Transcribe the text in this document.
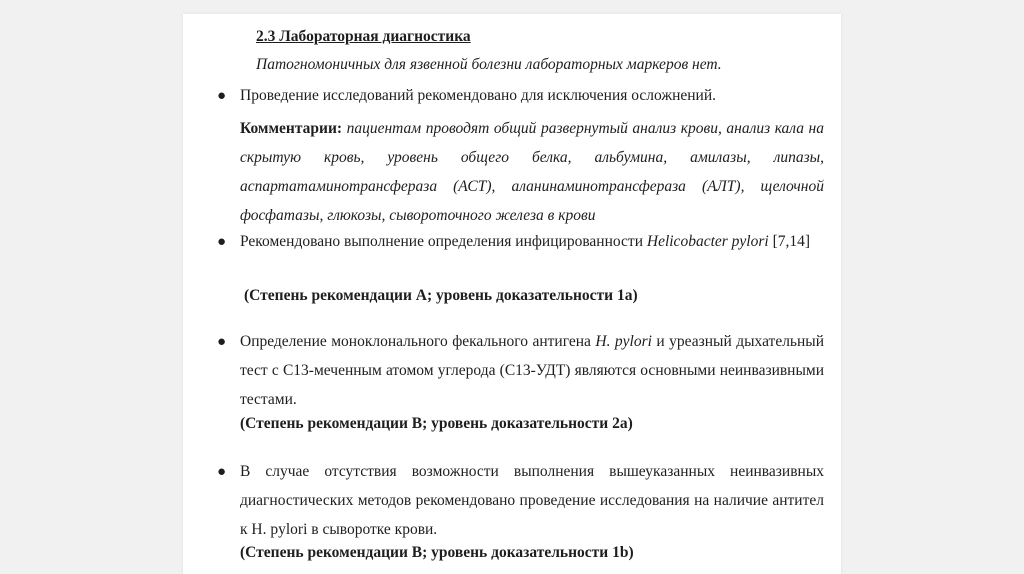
2.3 Лабораторная диагностика
Патогномоничных для язвенной болезни лабораторных маркеров нет.
● Проведение исследований рекомендовано для исключения осложнений.
Комментарии: пациентам проводят общий развернутый анализ крови, анализ кала на скрытую кровь, уровень общего белка, альбумина, амилазы, липазы, аспартатаминотрансфераза (АСТ), аланинаминотрансфераза (АЛТ), щелочной фосфатазы, глюкозы, сывороточного железа в крови
● Рекомендовано выполнение определения инфицированности Helicobacter pylori [7,14]
(Степень рекомендации A; уровень доказательности 1a)
● Определение моноклонального фекального антигена H. pylori и уреазный дыхательный тест с C13-меченным атомом углерода (C13-УДТ) являются основными неинвазивными тестами.
(Степень рекомендации B; уровень доказательности 2a)
● В случае отсутствия возможности выполнения вышеуказанных неинвазивных диагностических методов рекомендовано проведение исследования на наличие антител к H. pylori в сыворотке крови.
(Степень рекомендации B; уровень доказательности 1b)
